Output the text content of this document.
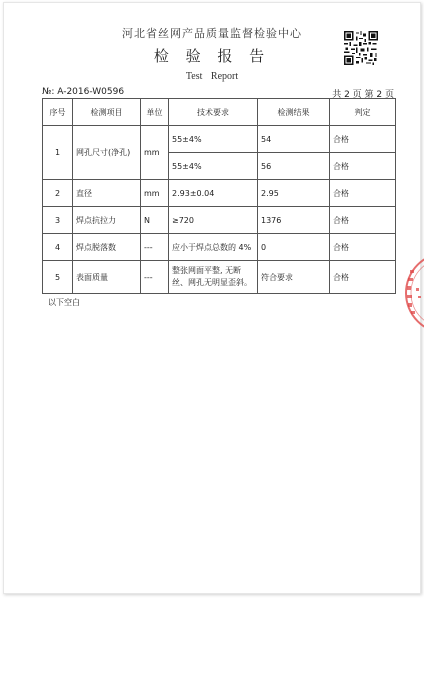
河北省丝网产品质量监督检验中心
检 验 报 告
Test Report
№: A-2016-W0596	共 2 页 第 2 页
序号	检测项目	单位	技术要求	检测结果	判定
1	网孔尺寸(净孔)	mm	55±4%	54	合格
			55±4%	56	合格
2	直径	mm	2.93±0.04	2.95	合格
3	焊点抗拉力	N	≥720	1376	合格
4	焊点脱落数	---	应小于焊点总数的 4%	0	合格
5	表面质量	---	整张网面平整, 无断丝、网孔无明显歪斜。	符合要求	合格
以下空白
